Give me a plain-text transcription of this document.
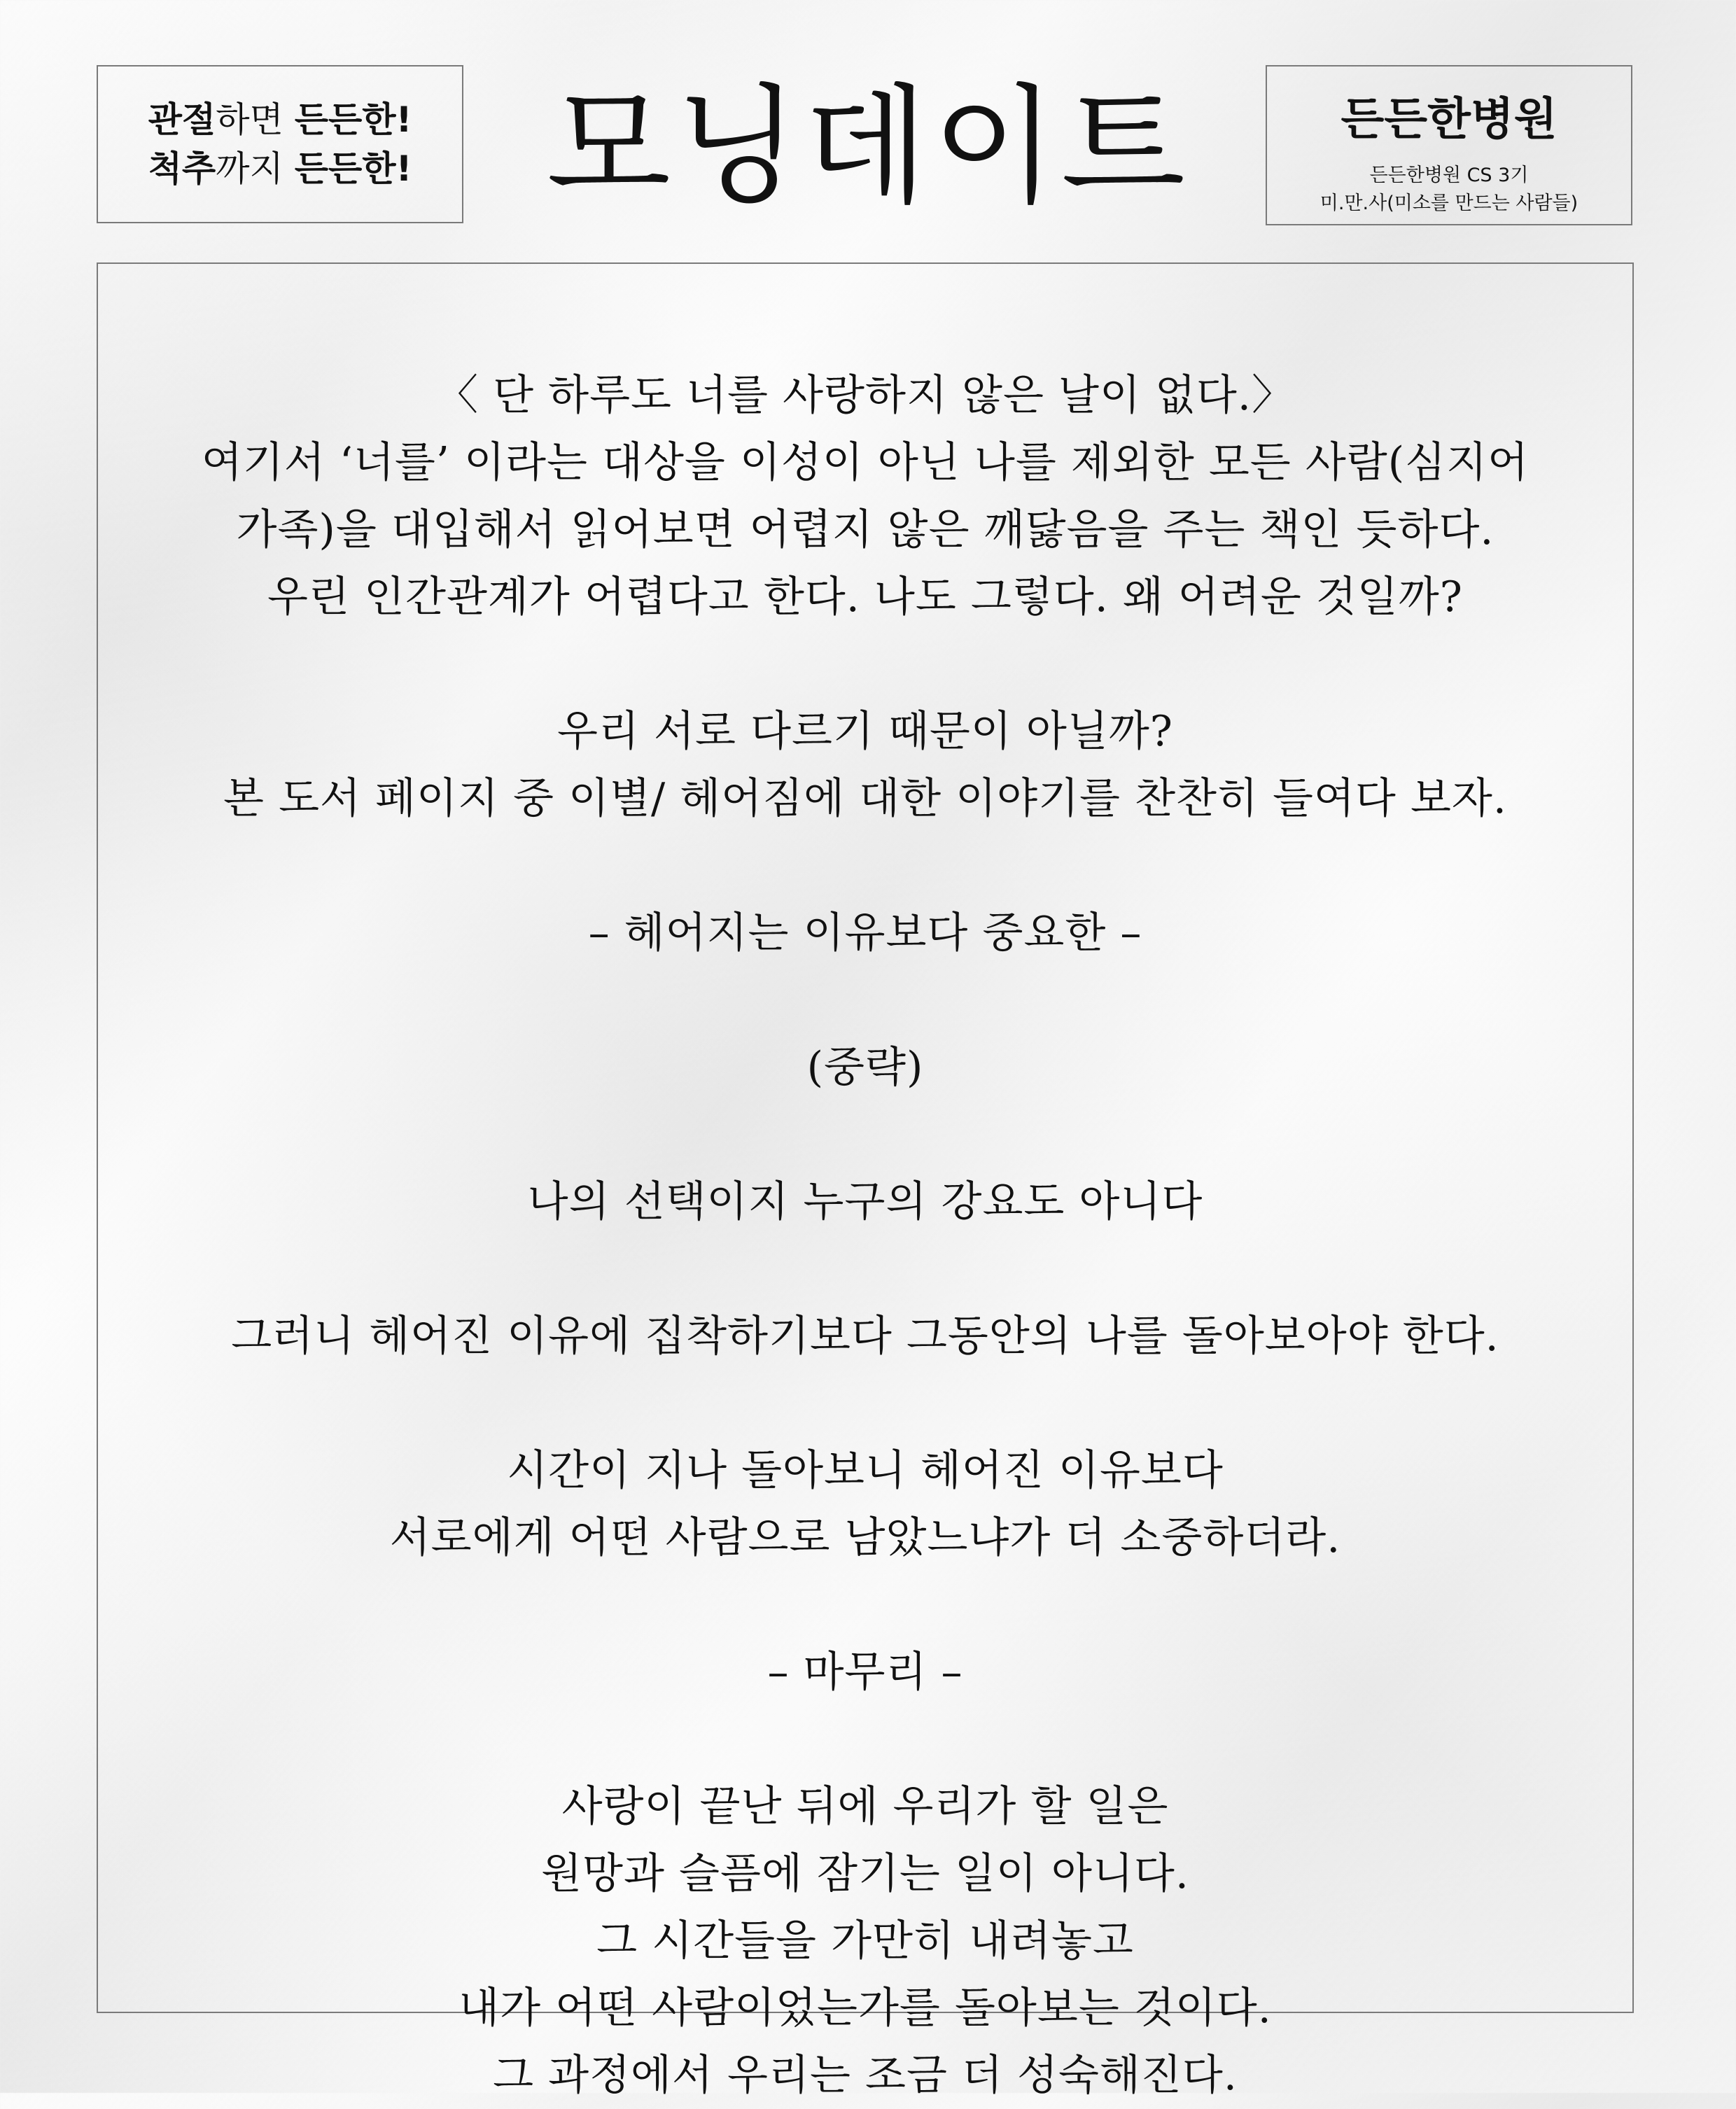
관절하면 든든한!
척추까지 든든한!	모닝데이트	든든한병원
든든한병원 CS 3기
미.만.사(미소를 만드는 사람들)

〈 단 하루도 너를 사랑하지 않은 날이 없다.〉

여기서 ‘너를’ 이라는 대상을 이성이 아닌 나를 제외한 모든 사람(심지어

가족)을 대입해서 읽어보면 어렵지 않은 깨닳음을 주는 책인 듯하다.

우린 인간관계가 어렵다고 한다. 나도 그렇다. 왜 어려운 것일까?

우리 서로 다르기 때문이 아닐까?

본 도서 페이지 중 이별/ 헤어짐에 대한 이야기를 찬찬히 들여다 보자.

– 헤어지는 이유보다 중요한 –

(중략)

나의 선택이지 누구의 강요도 아니다

그러니 헤어진 이유에 집착하기보다 그동안의 나를 돌아보아야 한다.

시간이 지나 돌아보니 헤어진 이유보다

서로에게 어떤 사람으로 남았느냐가 더 소중하더라.

– 마무리 –

사랑이 끝난 뒤에 우리가 할 일은

원망과 슬픔에 잠기는 일이 아니다.

그 시간들을 가만히 내려놓고

내가 어떤 사람이었는가를 돌아보는 것이다.

그 과정에서 우리는 조금 더 성숙해진다.
